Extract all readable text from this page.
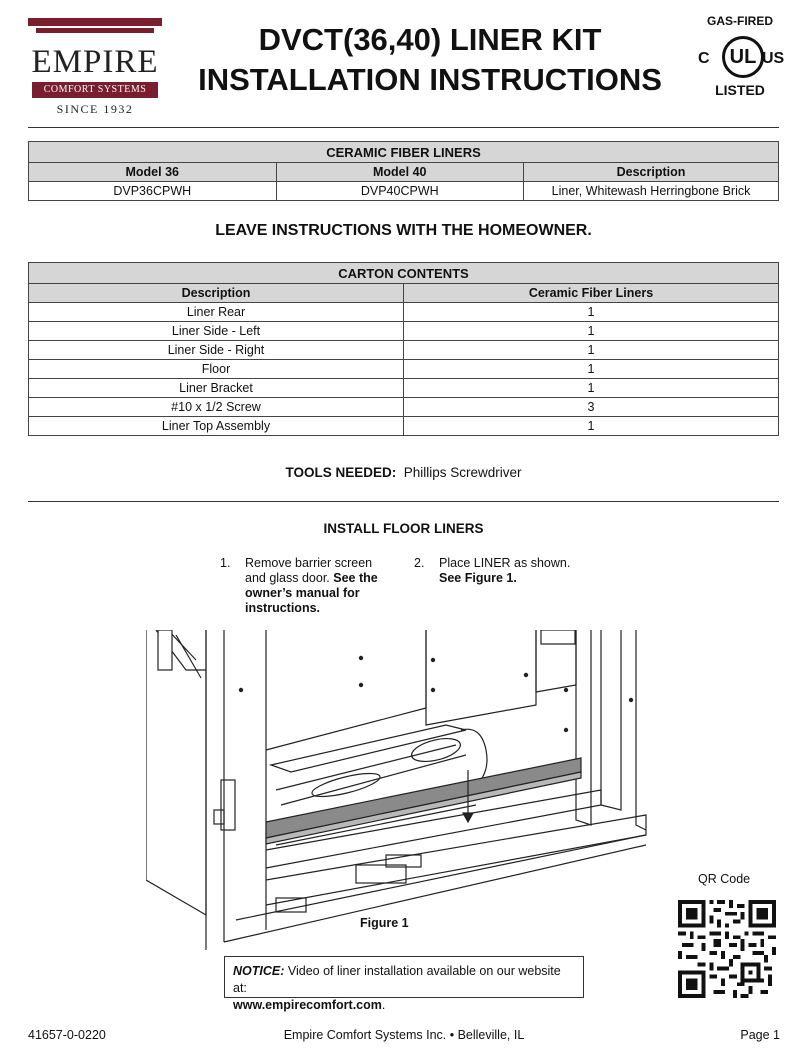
EMPIRE
COMFORT SYSTEMS
SINCE 1932
DVCT(36,40) LINER KIT
INSTALLATION INSTRUCTIONS
GAS-FIRED
C	UL US
LISTED
CERAMIC FIBER LINERS		
Model 36	Model 40	Description
DVP36CPWH	DVP40CPWH	Liner, Whitewash Herringbone Brick
LEAVE INSTRUCTIONS WITH THE HOMEOWNER.
CARTON CONTENTS	
Description	Ceramic Fiber Liners
Liner Rear	1
Liner Side - Left	1
Liner Side - Right	1
Floor	1
Liner Bracket	1
#10 x 1/2 Screw	3
Liner Top Assembly	1
TOOLS NEEDED: Phillips Screwdriver
INSTALL FLOOR LINERS
1. Remove barrier screen
and glass door. See the
owner’s manual for
instructions.
2. Place LINER as shown.
See Figure 1.
Figure 1
QR Code
NOTICE: Video of liner installation available on our website at:
www.empirecomfort.com.
41657-0-0220	Empire Comfort Systems Inc. • Belleville, IL	Page 1
